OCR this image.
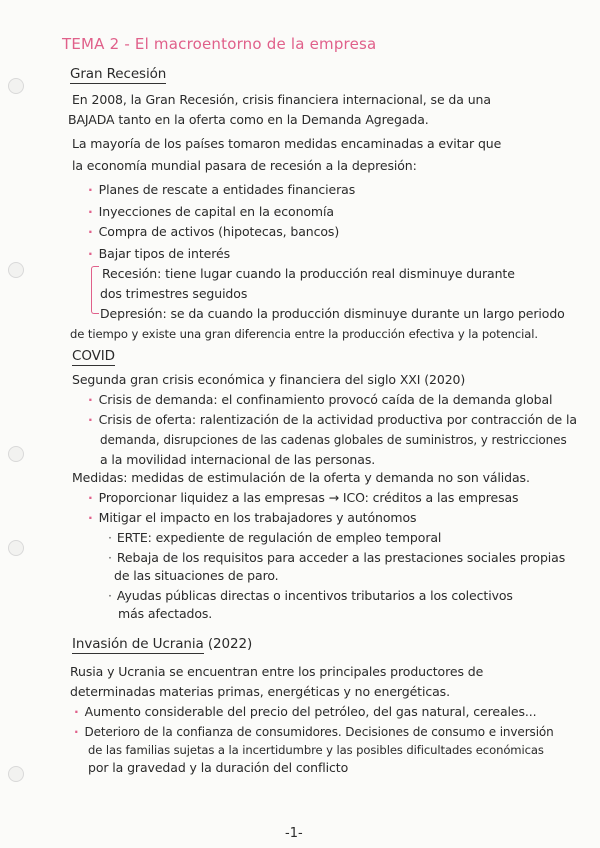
TEMA 2 - El macroentorno de la empresa
Gran Recesión
En 2008, la Gran Recesión, crisis financiera internacional, se da una
BAJADA tanto en la oferta como en la Demanda Agregada.
La mayoría de los países tomaron medidas encaminadas a evitar que
la economía mundial pasara de recesión a la depresión:
· Planes de rescate a entidades financieras
· Inyecciones de capital en la economía
· Compra de activos (hipotecas, bancos)
· Bajar tipos de interés
Recesión: tiene lugar cuando la producción real disminuye durante
dos trimestres seguidos
Depresión: se da cuando la producción disminuye durante un largo periodo
de tiempo y existe una gran diferencia entre la producción efectiva y la potencial.
COVID
Segunda gran crisis económica y financiera del siglo XXI (2020)
· Crisis de demanda: el confinamiento provocó caída de la demanda global
· Crisis de oferta: ralentización de la actividad productiva por contracción de la
demanda, disrupciones de las cadenas globales de suministros, y restricciones
a la movilidad internacional de las personas.
Medidas: medidas de estimulación de la oferta y demanda no son válidas.
· Proporcionar liquidez a las empresas → ICO: créditos a las empresas
· Mitigar el impacto en los trabajadores y autónomos
· ERTE: expediente de regulación de empleo temporal
· Rebaja de los requisitos para acceder a las prestaciones sociales propias
de las situaciones de paro.
· Ayudas públicas directas o incentivos tributarios a los colectivos
más afectados.
Invasión de Ucrania (2022)
Rusia y Ucrania se encuentran entre los principales productores de
determinadas materias primas, energéticas y no energéticas.
· Aumento considerable del precio del petróleo, del gas natural, cereales...
· Deterioro de la confianza de consumidores. Decisiones de consumo e inversión
de las familias sujetas a la incertidumbre y las posibles dificultades económicas
por la gravedad y la duración del conflicto
-1-
